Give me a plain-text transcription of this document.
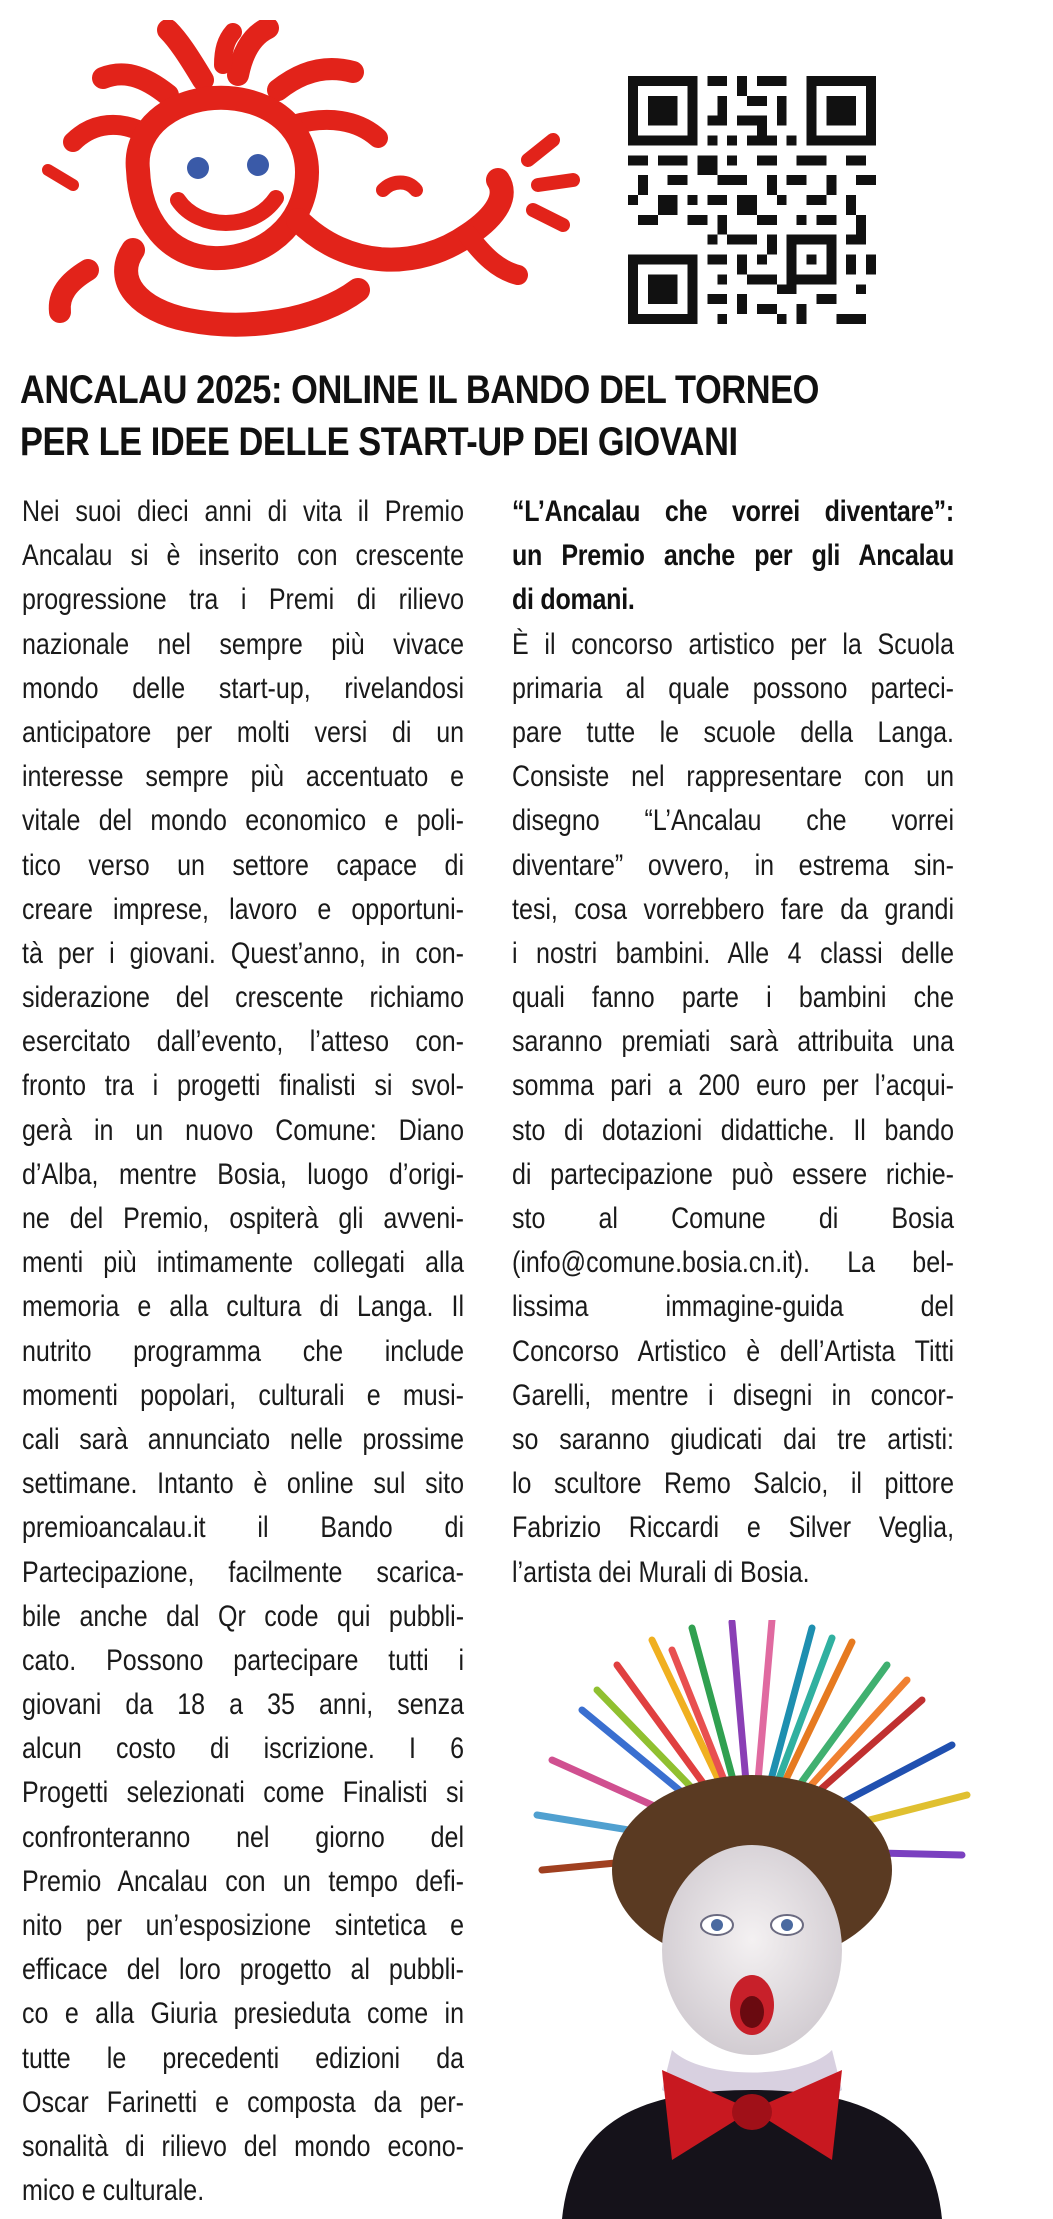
ANCALAU 2025: ONLINE IL BANDO DEL TORNEO
PER LE IDEE DELLE START-UP DEI GIOVANI
Nei suoi dieci anni di vita il Premio
Ancalau si è inserito con crescente
progressione tra i Premi di rilievo
nazionale nel sempre più vivace
mondo delle start-up, rivelandosi
anticipatore per molti versi di un
interesse sempre più accentuato e
vitale del mondo economico e poli-
tico verso un settore capace di
creare imprese, lavoro e opportuni-
tà per i giovani. Quest’anno, in con-
siderazione del crescente richiamo
esercitato dall’evento, l’atteso con-
fronto tra i progetti finalisti si svol-
gerà in un nuovo Comune: Diano
d’Alba, mentre Bosia, luogo d’origi-
ne del Premio, ospiterà gli avveni-
menti più intimamente collegati alla
memoria e alla cultura di Langa. Il
nutrito programma che include
momenti popolari, culturali e musi-
cali sarà annunciato nelle prossime
settimane. Intanto è online sul sito
premioancalau.it il Bando di
Partecipazione, facilmente scarica-
bile anche dal Qr code qui pubbli-
cato. Possono partecipare tutti i
giovani da 18 a 35 anni, senza
alcun costo di iscrizione. I 6
Progetti selezionati come Finalisti si
confronteranno nel giorno del
Premio Ancalau con un tempo defi-
nito per un’esposizione sintetica e
efficace del loro progetto al pubbli-
co e alla Giuria presieduta come in
tutte le precedenti edizioni da
Oscar Farinetti e composta da per-
sonalità di rilievo del mondo econo-
mico e culturale.
“L’Ancalau che vorrei diventare”:
un Premio anche per gli Ancalau
di domani.
È il concorso artistico per la Scuola
primaria al quale possono parteci-
pare tutte le scuole della Langa.
Consiste nel rappresentare con un
disegno “L’Ancalau che vorrei
diventare” ovvero, in estrema sin-
tesi, cosa vorrebbero fare da grandi
i nostri bambini. Alle 4 classi delle
quali fanno parte i bambini che
saranno premiati sarà attribuita una
somma pari a 200 euro per l’acqui-
sto di dotazioni didattiche. Il bando
di partecipazione può essere richie-
sto al Comune di Bosia
(info@comune.bosia.cn.it). La bel-
lissima immagine-guida del
Concorso Artistico è dell’Artista Titti
Garelli, mentre i disegni in concor-
so saranno giudicati dai tre artisti:
lo scultore Remo Salcio, il pittore
Fabrizio Riccardi e Silver Veglia,
l’artista dei Murali di Bosia.
